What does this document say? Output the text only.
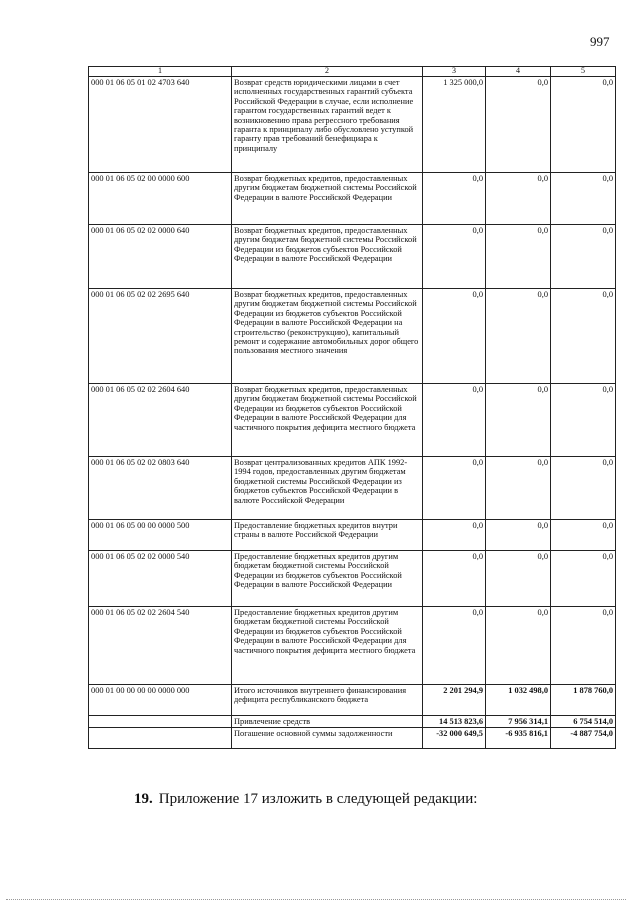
997
1	2	3	4	5
000 01 06 05 01 02 4703 640	Возврат средств юридическими лицами в счет исполненных государственных гарантий субъекта Российской Федерации в случае, если исполнение гарантом государственных гарантий ведет к возникновению права регрессного требования гаранта к принципалу либо обусловлено уступкой гаранту прав требований бенефициара к принципалу	1 325 000,0	0,0	0,0
000 01 06 05 02 00 0000 600	Возврат бюджетных кредитов, предоставленных другим бюджетам бюджетной системы Российской Федерации в валюте Российской Федерации	0,0	0,0	0,0
000 01 06 05 02 02 0000 640	Возврат бюджетных кредитов, предоставленных другим бюджетам бюджетной системы Российской Федерации из бюджетов субъектов Российской Федерации в валюте Российской Федерации	0,0	0,0	0,0
000 01 06 05 02 02 2695 640	Возврат бюджетных кредитов, предоставленных другим бюджетам бюджетной системы Российской Федерации из бюджетов субъектов Российской Федерации в валюте Российской Федерации на строительство (реконструкцию), капитальный ремонт и содержание автомобильных дорог общего пользования местного значения	0,0	0,0	0,0
000 01 06 05 02 02 2604 640	Возврат бюджетных кредитов, предоставленных другим бюджетам бюджетной системы Российской Федерации из бюджетов субъектов Российской Федерации в валюте Российской Федерации для частичного покрытия дефицита местного бюджета	0,0	0,0	0,0
000 01 06 05 02 02 0803 640	Возврат централизованных кредитов АПК 1992-1994 годов, предоставленных другим бюджетам бюджетной системы Российской Федерации из бюджетов субъектов Российской Федерации в валюте Российской Федерации	0,0	0,0	0,0
000 01 06 05 00 00 0000 500	Предоставление бюджетных кредитов внутри страны в валюте Российской Федерации	0,0	0,0	0,0
000 01 06 05 02 02 0000 540	Предоставление бюджетных кредитов другим бюджетам бюджетной системы Российской Федерации из бюджетов субъектов Российской Федерации в валюте Российской Федерации	0,0	0,0	0,0
000 01 06 05 02 02 2604 540	Предоставление бюджетных кредитов другим бюджетам бюджетной системы Российской Федерации из бюджетов субъектов Российской Федерации в валюте Российской Федерации для частичного покрытия дефицита местного бюджета	0,0	0,0	0,0
000 01 00 00 00 00 0000 000	Итого источников внутреннего финансирования дефицита республиканского бюджета	2 201 294,9	1 032 498,0	1 878 760,0
	Привлечение средств	14 513 823,6	7 956 314,1	6 754 514,0
	Погашение основной суммы задолженности	-32 000 649,5	-6 935 816,1	-4 887 754,0
19. Приложение 17 изложить в следующей редакции:
